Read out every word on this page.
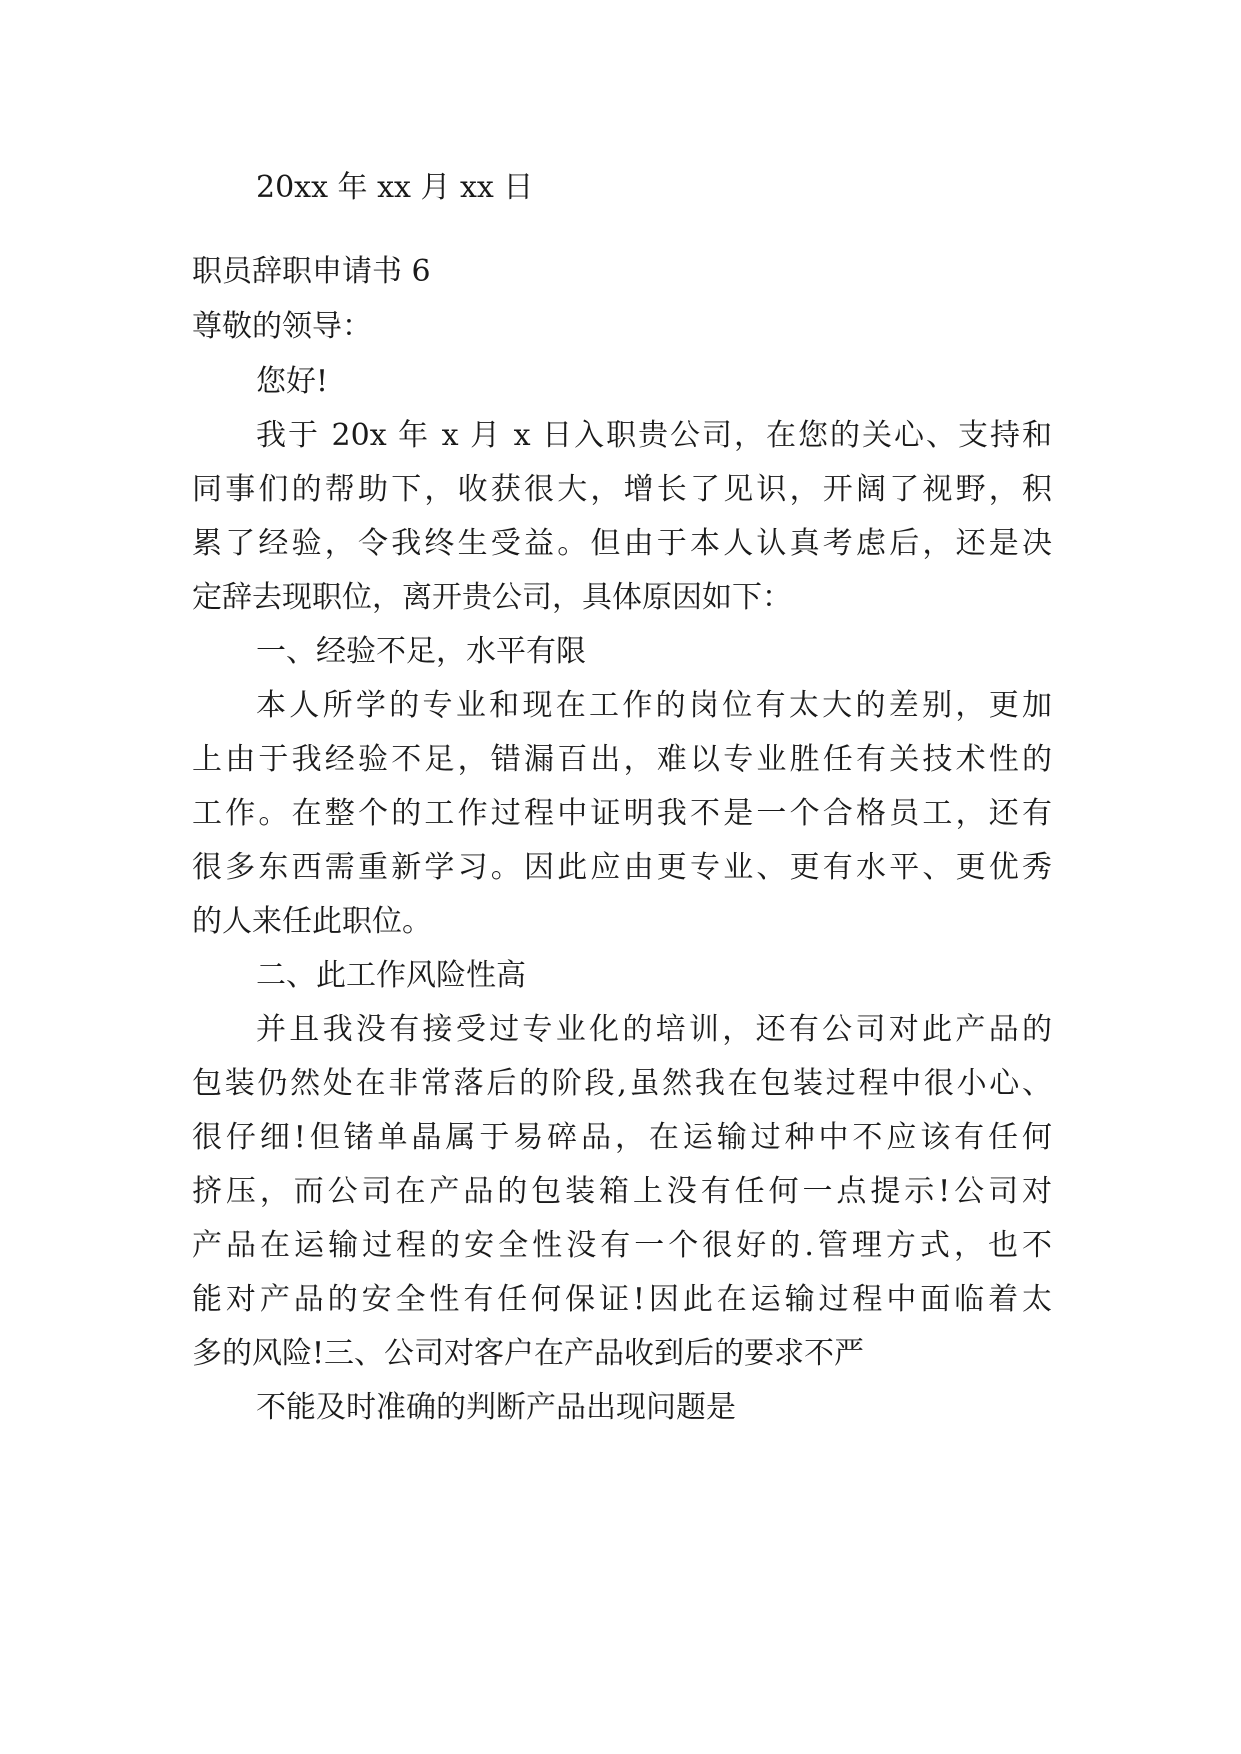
20xx 年 xx 月 xx 日
职员辞职申请书 6
尊敬的领导：
您好!
我于 20x 年 x 月 x 日入职贵公司，在您的关心、支持和
同事们的帮助下，收获很大，增长了见识，开阔了视野，积
累了经验，令我终生受益。但由于本人认真考虑后，还是决
定辞去现职位，离开贵公司，具体原因如下：
一、经验不足，水平有限
本人所学的专业和现在工作的岗位有太大的差别，更加
上由于我经验不足，错漏百出，难以专业胜任有关技术性的
工作。在整个的工作过程中证明我不是一个合格员工，还有
很多东西需重新学习。因此应由更专业、更有水平、更优秀
的人来任此职位。
二、此工作风险性高
并且我没有接受过专业化的培训，还有公司对此产品的
包装仍然处在非常落后的阶段,虽然我在包装过程中很小心、
很仔细!但锗单晶属于易碎品，在运输过种中不应该有任何
挤压，而公司在产品的包装箱上没有任何一点提示!公司对
产品在运输过程的安全性没有一个很好的.管理方式，也不
能对产品的安全性有任何保证!因此在运输过程中面临着太
多的风险!三、公司对客户在产品收到后的要求不严
不能及时准确的判断产品出现问题是
